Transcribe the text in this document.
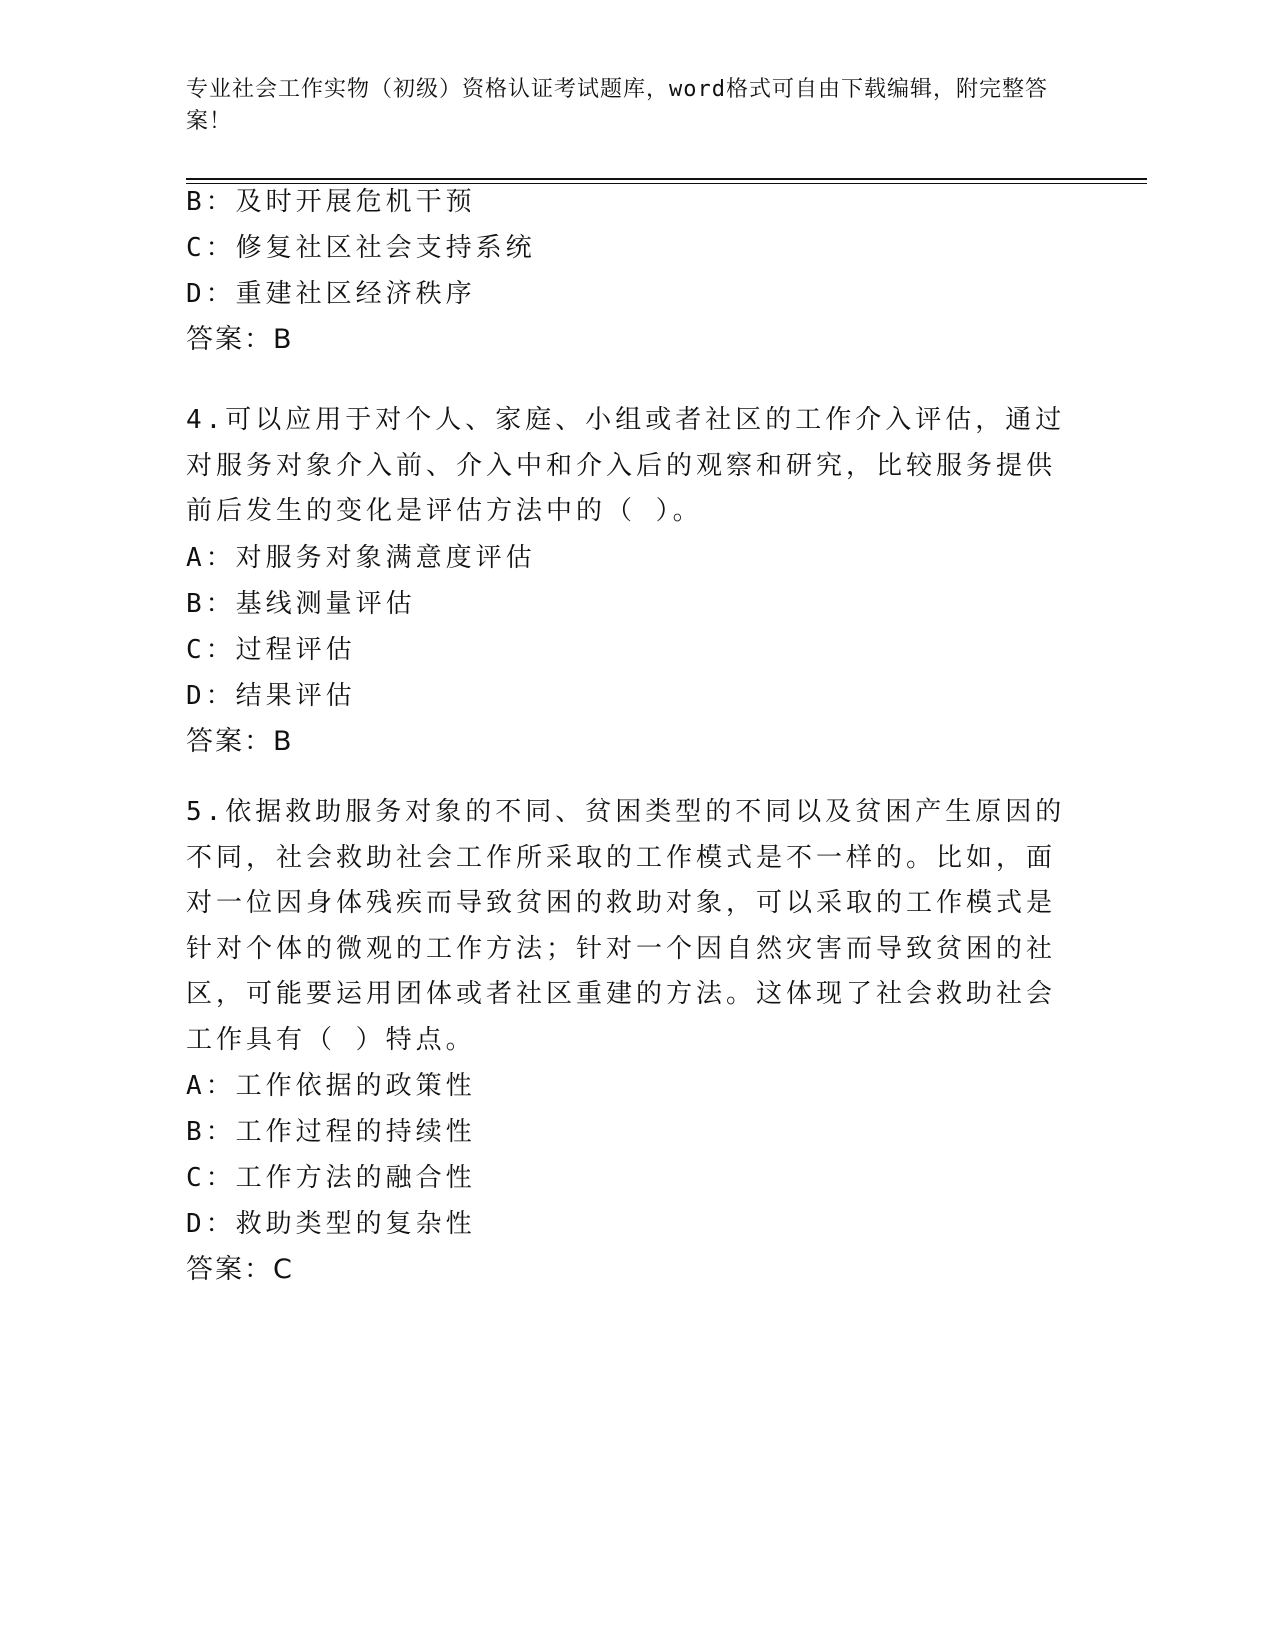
专业社会工作实物（初级）资格认证考试题库，word格式可自由下载编辑，附完整答案！
B：及时开展危机干预
C：修复社区社会支持系统
D：重建社区经济秩序
答案：B
4.可以应用于对个人、家庭、小组或者社区的工作介入评估，通过对服务对象介入前、介入中和介入后的观察和研究，比较服务提供前后发生的变化是评估方法中的（ ）。
A：对服务对象满意度评估
B：基线测量评估
C：过程评估
D：结果评估
答案：B
5.依据救助服务对象的不同、贫困类型的不同以及贫困产生原因的不同，社会救助社会工作所采取的工作模式是不一样的。比如，面对一位因身体残疾而导致贫困的救助对象，可以采取的工作模式是针对个体的微观的工作方法；针对一个因自然灾害而导致贫困的社区，可能要运用团体或者社区重建的方法。这体现了社会救助社会工作具有（ ）特点。
A：工作依据的政策性
B：工作过程的持续性
C：工作方法的融合性
D：救助类型的复杂性
答案：C
